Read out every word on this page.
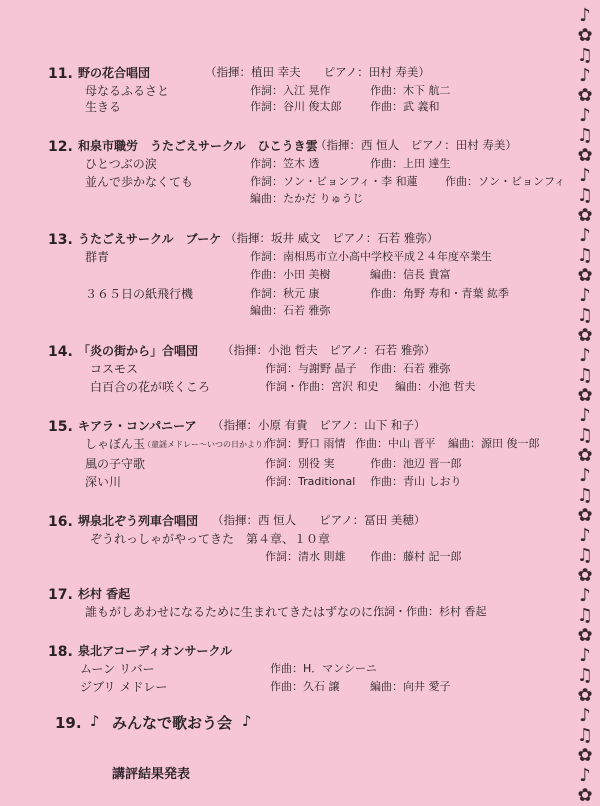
11. 野の花合唱団	（指揮：植田 幸夫　　ピアノ：田村 寿美）
母なるふるさと	作詞：入江 晃作	作曲：木下 航二
生きる	作詞：谷川 俊太郎	作曲：武 義和
12. 和泉市職労　うたごえサークル　ひこうき雲
（指揮：西 恒人　ピアノ：田村 寿美）
ひとつぶの涙	作詞：笠木 透	作曲：上田 達生
並んで歩かなくても	作詞：ソン・ビョンフィ・李 和蓮 作曲：ソン・ビョンフィ
編曲：たかだ りゅうじ
13. うたごえサークル　ブーケ （指揮：坂井 威文　ピアノ：石若 雅弥）
群青	作詞：南相馬市立小高中学校平成２４年度卒業生
作曲：小田 美樹	編曲：信長 貴富
３６５日の紙飛行機	作詞：秋元 康	作曲：角野 寿和・青葉 紘季
編曲：石若 雅弥
14. 「炎の街から」合唱団 （指揮：小池 哲夫　ピアノ：石若 雅弥）
コスモス	作詞：与謝野 晶子 作曲：石若 雅弥
白百合の花が咲くころ	作詞・作曲：宮沢 和史 編曲：小池 哲夫
15. キアラ・コンパニーア （指揮：小原 有貴　ピアノ：山下 和子）
しゃぼん玉
（童謡メドレー〜いつの日かより）
作詞：野口 雨情 作曲：中山 晋平 編曲：源田 俊一郎
風の子守歌	作詞：別役 実	作曲：池辺 晋一郎
深い川	作詞：Traditional 作曲：青山 しおり
16. 堺泉北ぞう列車合唱団 （指揮：西 恒人　　ピアノ：冨田 美穂）
ぞうれっしゃがやってきた　第４章、１０章
作詞：清水 則雄 作曲：藤村 記一郎
17. 杉村 香起
誰もがしあわせになるために生まれてきたはずなのに…
作詞・作曲：杉村 香起
18. 泉北アコーディオンサークル
ムーン リバー	作曲：H．マンシーニ
ジブリ メドレー	作曲：久石 譲	編曲：向井 愛子
19. ♪ みんなで歌おう会 ♪
講評結果発表
♪
✿
♫
♪
✿
♪
♫
✿
♪
♫
✿
♪
♫
✿
♪
♫
✿
♪
♫
✿
♪
♫
✿
♪
♫
✿
♪
♫
✿
♪
♫
✿
♪
♫
✿
♪
♫
✿
♪
✿
